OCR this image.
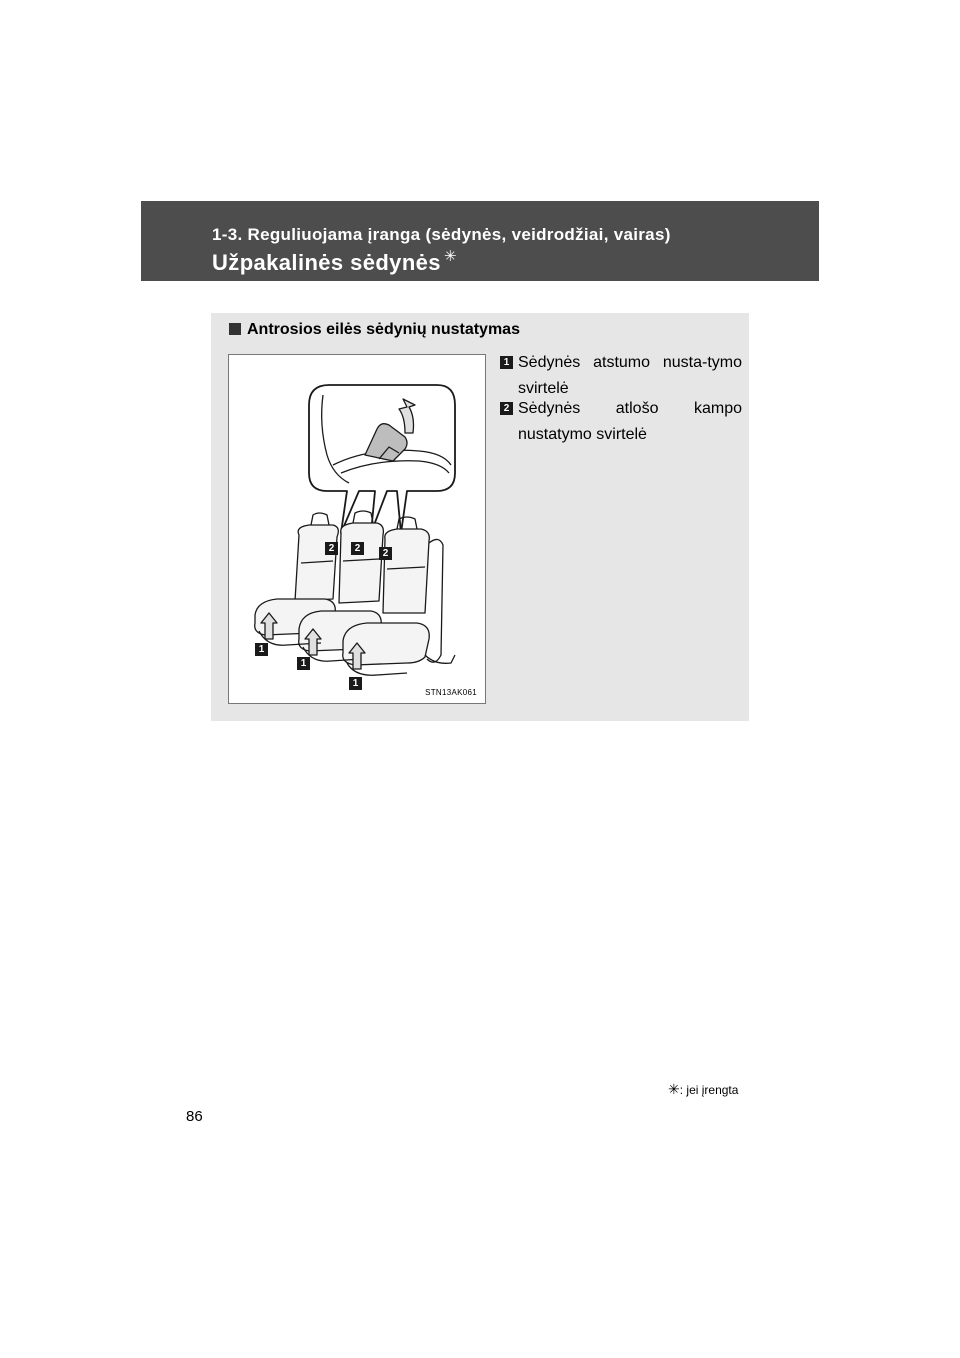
1-3. Reguliuojama įranga (sėdynės, veidrodžiai, vairas)
Užpakalinės sėdynės ✳
Antrosios eilės sėdynių nustatymas
2	2	2
1
1
1
STN13AK061
1 Sėdynės atstumo nusta-tymo svirtelė
2 Sėdynės atlošo kampo nustatymo svirtelė
✳: jei įrengta
86
